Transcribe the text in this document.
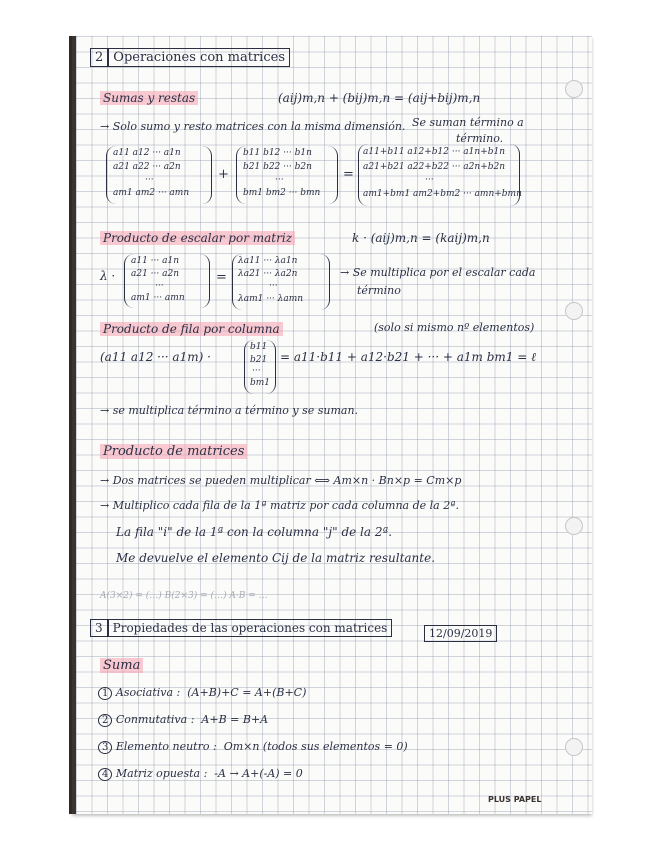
2 Operaciones con matrices
Sumas y restas	(aij)m,n + (bij)m,n = (aij+bij)m,n
→ Solo sumo y resto matrices con la misma dimensión. Se suman término a
término.
a11 a12 ··· a1n
a21 a22 ··· a2n
···
am1 am2 ··· amn
+
b11 b12 ··· b1n
b21 b22 ··· b2n
···
bm1 bm2 ··· bmn
=
a11+b11 a12+b12 ··· a1n+b1n
a21+b21 a22+b22 ··· a2n+b2n
···
am1+bm1 am2+bm2 ··· amn+bmn
Producto de escalar por matriz	k · (aij)m,n = (kaij)m,n
λ ·
a11 ··· a1n
a21 ··· a2n
···
am1 ··· amn
=
λa11 ··· λa1n
λa21 ··· λa2n
···
λam1 ··· λamn
→ Se multiplica por el escalar cada
término
Producto de fila por columna	(solo si mismo nº elementos)
(a11 a12 ··· a1m) ·
b11
b21
···
bm1
= a11·b11 + a12·b21 + ··· + a1m bm1 = ℓ
→ se multiplica término a término y se suman.
Producto de matrices
→ Dos matrices se pueden multiplicar ⟺ Am×n · Bn×p = Cm×p
→ Multiplico cada fila de la 1ª matriz por cada columna de la 2ª.
La fila "i" de la 1ª con la columna "j" de la 2ª.
Me devuelve el elemento Cij de la matriz resultante.
A(3×2) = (…) B(2×3) = (…) A·B = …
3 Propiedades de las operaciones con matrices	12/09/2019
Suma
1 Asociativa : (A+B)+C = A+(B+C)
2 Conmutativa : A+B = B+A
3 Elemento neutro : Om×n (todos sus elementos = 0)
4 Matriz opuesta : -A → A+(-A) = 0
PLUS PAPEL
